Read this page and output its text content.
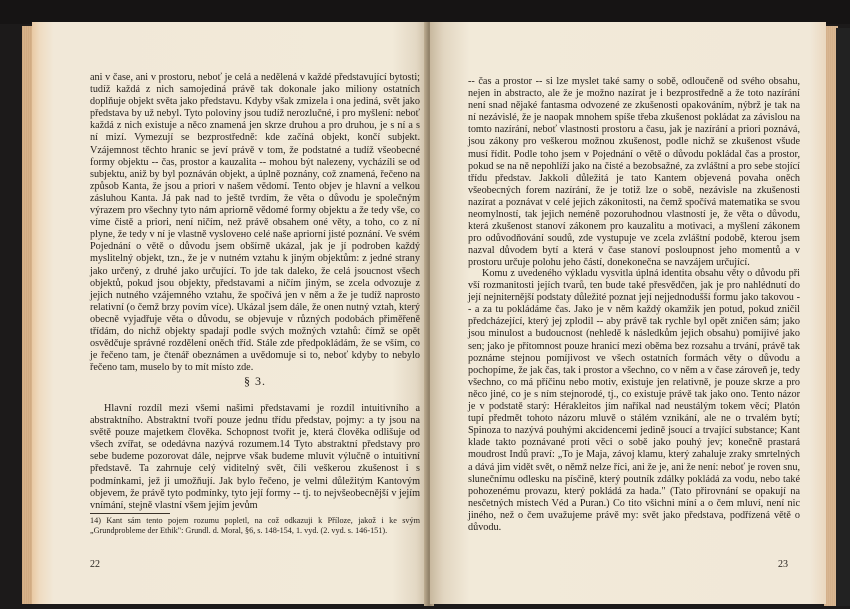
ani v čase, ani v prostoru, neboť je celá a nedělená v každé představující bytosti; tudíž každá z nich samojediná právě tak dokonale jako miliony ostatních doplňuje objekt světa jako představu. Kdyby však zmizela i ona jediná, svět jako představa by už nebyl. Tyto poloviny jsou tudíž nerozlučné, i pro myšlení: neboť každá z nich existuje a něco znamená jen skrze druhou a pro druhou, je s ní a s ní mizí. Vymezují se bezprostředně: kde začíná objekt, končí subjekt. Vzájemnost těchto hranic se jeví právě v tom, že podstatné a tudíž všeobecné formy objektu -- čas, prostor a kauzalita -- mohou být nalezeny, vycházíli se od subjektu, aniž by byl poznáván objekt, a úplně poznány, což znamená, řečeno na způsob Kanta, že jsou a priori v našem vědomí. Tento objev je hlavní a velkou zásluhou Kanta. Já pak nad to ještě tvrdím, že věta o důvodu je společným výrazem pro všechny tyto nám apriorně vědomé formy objektu a že tedy vše, co víme čistě a priori, není ničím, než právě obsahem oné věty, a toho, co z ní plyne, že tedy v ní je vlastně vyslovено celé naše apriorní jisté poznání. Ve svém Pojednání o větě o důvodu jsem obšírně ukázal, jak je jí podroben každý myslitelný objekt, tzn., že je v nutném vztahu k jiným objektům: z jedné strany jako určený, z druhé jako určující. To jde tak daleko, že celá jsoucnost všech objektů, pokud jsou objekty, představami a ničím jiným, se zcela odvozuje z jejich nutného vzájemného vztahu, že spočívá jen v něm a že je tudíž naprosto relativní (o čemž brzy povím více). Ukázal jsem dále, že onen nutný vztah, který obecně vyjadřuje věta o důvodu, se objevuje v různých podobách přiměřeně třídám, do nichž objekty spadají podle svých možných vztahů: čímž se opět osvědčuje správné rozdělení oněch tříd. Stále zde předpokládám, že se vším, co je řečeno tam, je čtenář obeznámen a uvědomuje si to, neboť kdyby to nebylo řečeno tam, muselo by to mít místo zde.

§ 3.

Hlavní rozdíl mezi všemi našimi představami je rozdíl intuitivního a abstraktního. Abstraktní tvoří pouze jednu třídu představ, pojmy: a ty jsou na světě pouze majetkem člověka. Schopnost tvořit je, která člověka odlišuje od všech zvířat, se odedávna nazývá rozumem.14 Tyto abstraktní představy pro sebe budeme pozorovat dále, nejprve však budeme mluvit výlučně o intuitivní představě. Ta zahrnuje celý viditelný svět, čili veškerou zkušenost i s podmínkami, jež ji umožňují. Jak bylo řečeno, je velmi důležitým Kantovým objevem, že právě tyto podmínky, tyto její formy -- tj. to nejvšeobecnější v jejím vnímání, stejně vlastní všem jejím jevům

14) Kant sám tento pojem rozumu popletl, na což odkazuji k Příloze, jakož i ke svým „Grundprobleme der Ethik": Grundl. d. Moral, §6, s. 148-154, 1. vyd. (2. vyd. s. 146-151).
22

-- čas a prostor -- si lze myslet také samy o sobě, odloučeně od svého obsahu, nejen in abstracto, ale že je možno nazírat je i bezprostředně a že toto nazírání není snad nějaké fantasma odvozené ze zkušenosti opakováním, nýbrž je tak na ní nezávislé, že je naopak mnohem spíše třeba zkušenost pokládat za závislou na tomto nazírání, neboť vlastnosti prostoru a času, jak je nazírání a priori poznává, jsou zákony pro veškerou možnou zkušenost, podle nichž se zkušenost všude musí řídit. Podle toho jsem v Pojednání o větě o důvodu pokládal čas a prostor, pokud se na ně nepohlíží jako na čisté a bezobsažné, za zvláštní a pro sebe stojící třídu představ. Jakkoli důležitá je tato Kantem objevená povaha oněch všeobecných forem nazírání, že je totiž lze o sobě, nezávisle na zkušenosti nazírat a poznávat v celé jejich zákonitosti, na čemž spočívá matematika se svou neomylností, tak jejich neméně pozoruhodnou vlastností je, že věta o důvodu, která zkušenost stanoví zákonem pro kauzalitu a motivaci, a myšlení zákonem pro odůvodňování soudů, zde vystupuje ve zcela zvláštní podobě, kterou jsem nazval důvodem bytí a která v čase stanoví posloupnost jeho momentů a v prostoru určuje polohu jeho částí, donekonečna se navzájem určující.

Komu z uvedeného výkladu vysvitla úplná identita obsahu věty o důvodu při vší rozmanitosti jejích tvarů, ten bude také přesvědčen, jak je pro nahlédnutí do její nejniternější podstaty důležité poznat její nejjednodušší formu jako takovou -- a za tu pokládáme čas. Jako je v něm každý okamžik jen potud, pokud zničil předcházející, který jej zplodil -- aby právě tak rychle byl opět zničen sám; jako jsou minulost a budoucnost (nehledě k následkům jejich obsahu) pomíjivé jako sen; jako je přítomnost pouze hranicí mezi oběma bez rozsahu a trvání, právě tak poznáme stejnou pomíjivost ve všech ostatních formách věty o důvodu a pochopíme, že jak čas, tak i prostor a všechno, co v něm a v čase zároveň je, tedy všechno, co má příčinu nebo motiv, existuje jen relativně, je pouze skrze a pro něco jiné, co je s ním stejnorodé, tj., co existuje právě tak jako ono. Tento názor je v podstatě starý: Hérakleitos jím naříkal nad neustálým tokem věcí; Platón tupí předmět tohoto názoru mluvě o stálém vznikání, ale ne o trvalém bytí; Spinoza to nazývá pouhými akcidencemi jedině jsoucí a trvající substance; Kant klade takto poznávané proti věci o sobě jako pouhý jev; konečně prastará moudrost Indů praví: „To je Maja, závoj klamu, který zahaluje zraky smrtelných a dává jim vidět svět, o němž nelze říci, ani že je, ani že není: neboť je roven snu, slunečnímu odlesku na písčině, který poutník zdálky pokládá za vodu, nebo také pohozenému provazu, který pokládá za hada." (Tato přirovnání se opakují na nesčetných místech Véd a Puran.) Co tito všichni míní a o čem mluví, není nic jiného, než o čem uvažujeme právě my: svět jako představa, podřízená větě o důvodu.

23
